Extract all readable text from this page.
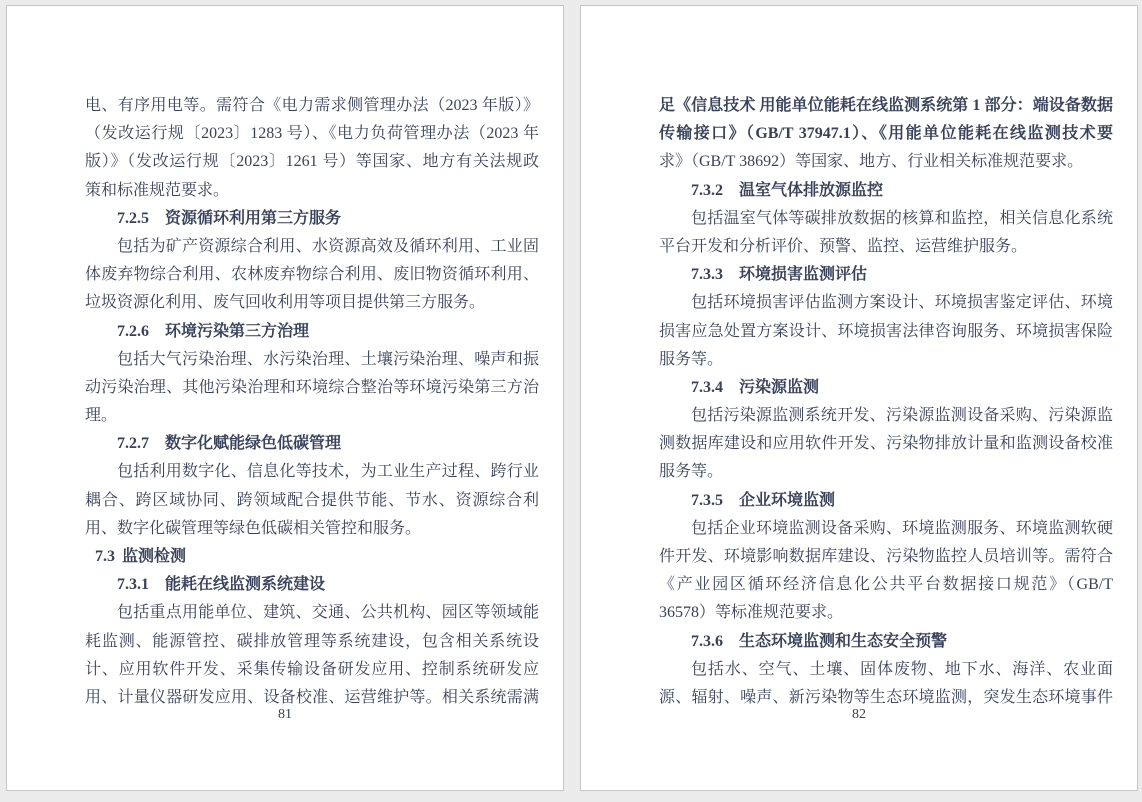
电、有序用电等。需符合《电力需求侧管理办法（2023 年版）》
（发改运行规〔2023〕1283 号）、《电力负荷管理办法（2023 年
版）》（发改运行规〔2023〕1261 号）等国家、地方有关法规政
策和标准规范要求。
7.2.5 资源循环利用第三方服务
包括为矿产资源综合利用、水资源高效及循环利用、工业固
体废弃物综合利用、农林废弃物综合利用、废旧物资循环利用、
垃圾资源化利用、废气回收利用等项目提供第三方服务。
7.2.6 环境污染第三方治理
包括大气污染治理、水污染治理、土壤污染治理、噪声和振
动污染治理、其他污染治理和环境综合整治等环境污染第三方治
理。
7.2.7 数字化赋能绿色低碳管理
包括利用数字化、信息化等技术，为工业生产过程、跨行业
耦合、跨区域协同、跨领域配合提供节能、节水、资源综合利
用、数字化碳管理等绿色低碳相关管控和服务。
7.3 监测检测
7.3.1 能耗在线监测系统建设
包括重点用能单位、建筑、交通、公共机构、园区等领域能
耗监测、能源管控、碳排放管理等系统建设，包含相关系统设
计、应用软件开发、采集传输设备研发应用、控制系统研发应
用、计量仪器研发应用、设备校准、运营维护等。相关系统需满
81
足《信息技术 用能单位能耗在线监测系统第 1 部分：端设备数据
传输接口》（GB/T 37947.1）、《用能单位能耗在线监测技术要
求》（GB/T 38692）等国家、地方、行业相关标准规范要求。
7.3.2 温室气体排放源监控
包括温室气体等碳排放数据的核算和监控，相关信息化系统
平台开发和分析评价、预警、监控、运营维护服务。
7.3.3 环境损害监测评估
包括环境损害评估监测方案设计、环境损害鉴定评估、环境
损害应急处置方案设计、环境损害法律咨询服务、环境损害保险
服务等。
7.3.4 污染源监测
包括污染源监测系统开发、污染源监测设备采购、污染源监
测数据库建设和应用软件开发、污染物排放计量和监测设备校准
服务等。
7.3.5 企业环境监测
包括企业环境监测设备采购、环境监测服务、环境监测软硬
件开发、环境影响数据库建设、污染物监控人员培训等。需符合
《产业园区循环经济信息化公共平台数据接口规范》（GB/T
36578）等标准规范要求。
7.3.6 生态环境监测和生态安全预警
包括水、空气、土壤、固体废物、地下水、海洋、农业面
源、辐射、噪声、新污染物等生态环境监测，突发生态环境事件
82
